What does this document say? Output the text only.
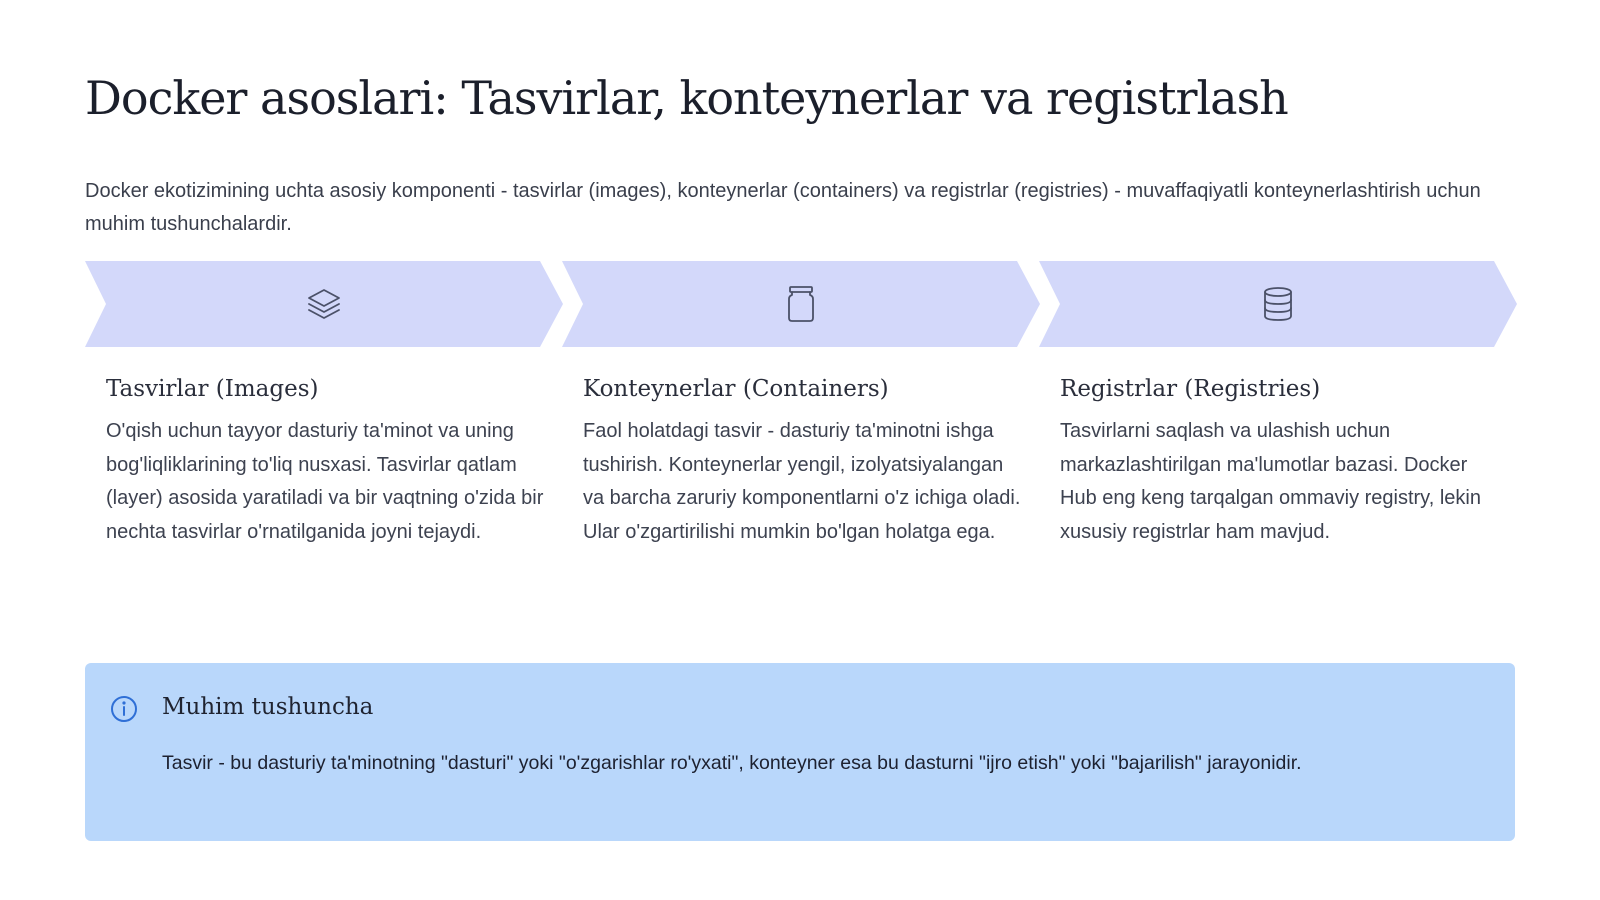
Docker asoslari: Tasvirlar, konteynerlar va registrlash

Docker ekotizimining uchta asosiy komponenti - tasvirlar (images), konteynerlar (containers) va registrlar (registries) - muvaffaqiyatli konteynerlashtirish uchun muhim tushunchalardir.

Tasvirlar (Images)
O'qish uchun tayyor dasturiy ta'minot va uning bog'liqliklarining to'liq nusxasi. Tasvirlar qatlam (layer) asosida yaratiladi va bir vaqtning o'zida bir nechta tasvirlar o'rnatilganida joyni tejaydi.
Konteynerlar (Containers)
Faol holatdagi tasvir - dasturiy ta'minotni ishga tushirish. Konteynerlar yengil, izolyatsiyalangan va barcha zaruriy komponentlarni o'z ichiga oladi. Ular o'zgartirilishi mumkin bo'lgan holatga ega.
Registrlar (Registries)
Tasvirlarni saqlash va ulashish uchun markazlashtirilgan ma'lumotlar bazasi. Docker Hub eng keng tarqalgan ommaviy registry, lekin xususiy registrlar ham mavjud.
Muhim tushuncha

Tasvir - bu dasturiy ta'minotning "dasturi" yoki "o'zgarishlar ro'yxati", konteyner esa bu dasturni "ijro etish" yoki "bajarilish" jarayonidir.
